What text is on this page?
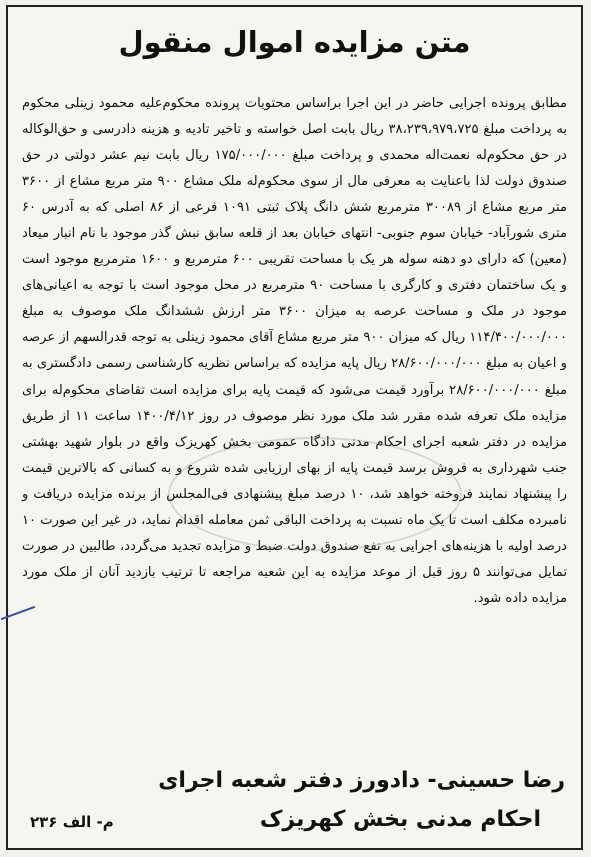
متن مزایده اموال منقول

مطابق پرونده اجرایی حاضر در این اجرا براساس محتویات پرونده محکوم‌علیه محمود زینلی محکوم به پرداخت مبلغ ۳۸،۲۳۹،۹۷۹،۷۲۵ ریال بابت اصل خواسته و تاخیر تادیه و هزینه دادرسی و حق‌الوکاله در حق محکوم‌له نعمت‌اله محمدی و پرداخت مبلغ ۱۷۵/۰۰۰/۰۰۰ ریال بابت نیم عشر دولتی در حق صندوق دولت لذا باعنایت به معرفی مال از سوی محکوم‌له ملک مشاع ۹۰۰ متر مربع مشاع از ۳۶۰۰ متر مربع مشاع از ۳۰۰۸۹ مترمربع شش دانگ پلاک ثبتی ۱۰۹۱ فرعی از ۸۶ اصلی که به آدرس ۶۰ متری شورآباد- خیابان سوم جنوبی- انتهای خیابان بعد از قلعه سابق نبش گذر موجود با نام انبار میعاد (معین) که دارای دو دهنه سوله هر یک با مساحت تقریبی ۶۰۰ مترمربع و ۱۶۰۰ مترمربع موجود است و یک ساختمان دفتری و کارگری با مساحت ۹۰ مترمربع در محل موجود است با توجه به اعیانی‌های موجود در ملک و مساحت عرصه به میزان ۳۶۰۰ متر ارزش ششدانگ ملک موصوف به مبلغ ۱۱۴/۴۰۰/۰۰۰/۰۰۰ ریال که میزان ۹۰۰ متر مربع مشاع آقای محمود زینلی به توجه قدرالسهم از عرصه و اعیان به مبلغ ۲۸/۶۰۰/۰۰۰/۰۰۰ ریال پایه مزایده که براساس نظریه کارشناسی رسمی دادگستری به مبلغ ۲۸/۶۰۰/۰۰۰/۰۰۰ برآورد قیمت می‌شود که قیمت پایه برای مزایده است تقاضای محکوم‌له برای مزایده ملک تعرفه شده مقرر شد ملک مورد نظر موصوف در روز ۱۴۰۰/۴/۱۲ ساعت ۱۱ از طریق مزایده در دفتر شعبه اجرای احکام مدنی دادگاه عمومی بخش کهریزک واقع در بلوار شهید بهشتی جنب شهرداری به فروش برسد قیمت پایه از بهای ارزیابی شده شروع و به کسانی که بالاترین قیمت را پیشنهاد نمایند فروخته خواهد شد، ۱۰ درصد مبلغ پیشنهادی فی‌المجلس از برنده مزایده دریافت و نامبرده مکلف است تا یک ماه نسبت به پرداخت الباقی ثمن معامله اقدام نماید، در غیر این صورت ۱۰ درصد اولیه با هزینه‌های اجرایی به نفع صندوق دولت ضبط و مزایده تجدید می‌گردد، طالبین در صورت تمایل می‌توانند ۵ روز قبل از موعد مزایده به این شعبه مراجعه تا ترتیب بازدید آنان از ملک مورد مزایده داده شود.

رضا حسینی- دادورز دفتر شعبه اجرای
احکام مدنی بخش کهریزک
م- الف ۲۳۶
